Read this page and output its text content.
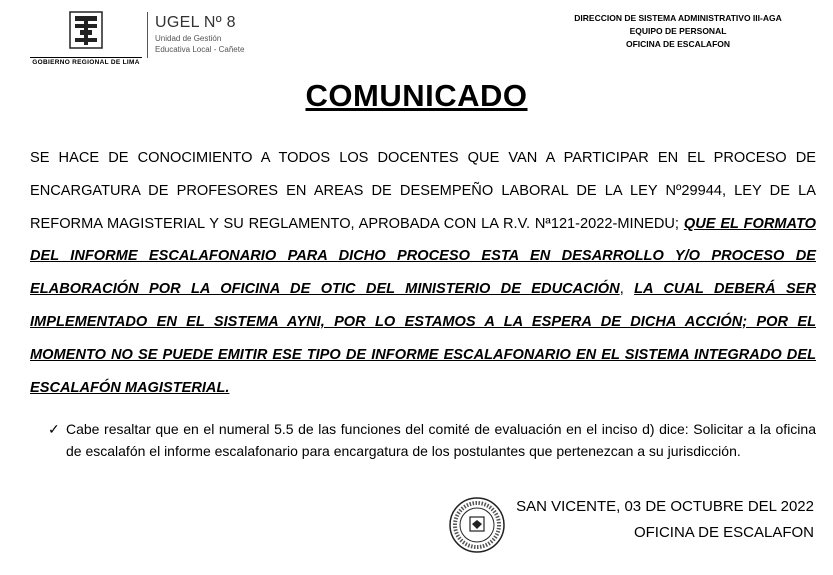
GOBIERNO REGIONAL DE LIMA
UGEL Nº 8
Unidad de Gestión
Educativa Local - Cañete
DIRECCION DE SISTEMA ADMINISTRATIVO III-AGA
EQUIPO DE PERSONAL
OFICINA DE ESCALAFON
COMUNICADO
SE HACE DE CONOCIMIENTO A TODOS LOS DOCENTES QUE VAN A PARTICIPAR EN EL PROCESO DE ENCARGATURA DE PROFESORES EN AREAS DE DESEMPEÑO LABORAL DE LA LEY Nº29944, LEY DE LA REFORMA MAGISTERIAL Y SU REGLAMENTO, APROBADA CON LA R.V. Nª121-2022-MINEDU; QUE EL FORMATO DEL INFORME ESCALAFONARIO PARA DICHO PROCESO ESTA EN DESARROLLO Y/O PROCESO DE ELABORACIÓN POR LA OFICINA DE OTIC DEL MINISTERIO DE EDUCACIÓN, LA CUAL DEBERÁ SER IMPLEMENTADO EN EL SISTEMA AYNI, POR LO ESTAMOS A LA ESPERA DE DICHA ACCIÓN; POR EL MOMENTO NO SE PUEDE EMITIR ESE TIPO DE INFORME ESCALAFONARIO EN EL SISTEMA INTEGRADO DEL ESCALAFÓN MAGISTERIAL.
✓ Cabe resaltar que en el numeral 5.5 de las funciones del comité de evaluación en el inciso d) dice: Solicitar a la oficina de escalafón el informe escalafonario para encargatura de los postulantes que pertenezcan a su jurisdicción.
SAN VICENTE, 03 DE OCTUBRE DEL 2022
OFICINA DE ESCALAFON
